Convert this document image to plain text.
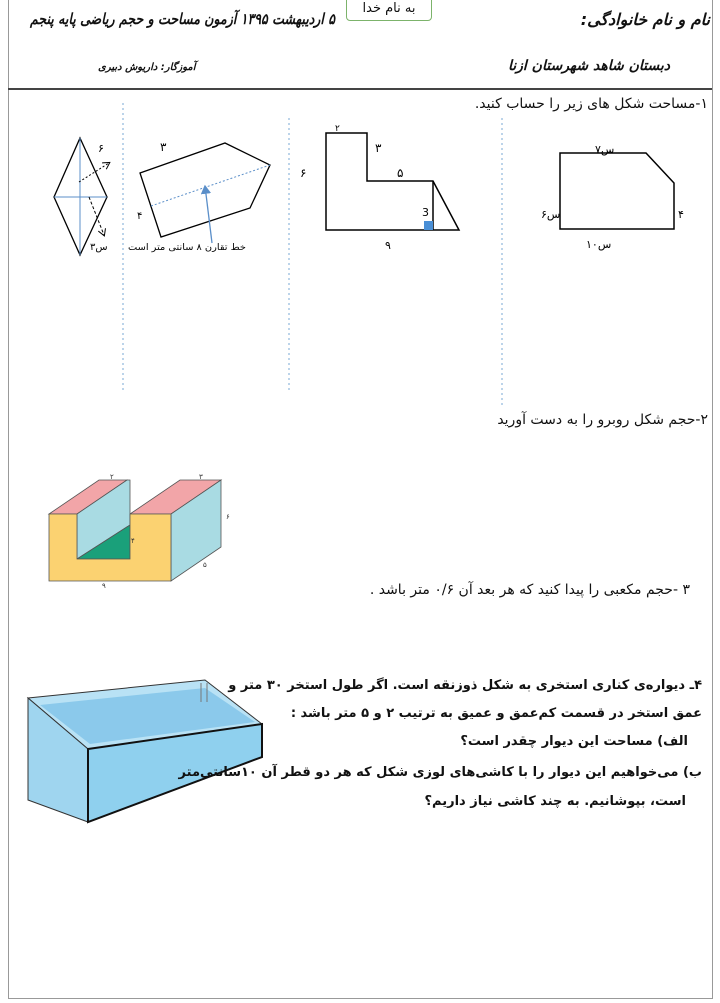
به نام خدا
نام و نام خانوادگی:
۵ اردیبهشت ۱۳۹۵ آزمون مساحت و حجم ریاضی پایه پنجم
دبستان شاهد شهرستان ازنا
آموزگار: داریوش دبیری
۱-مساحت شکل های زیر را حساب کنید.
۷س
۶س	۴
۱۰س
۲
۳
۵
۶
3
۹
۳
۴
خط تقارن ۸ سانتی متر است
۶
۳س
۲	۳
۶
۴
۵
۹
۲-حجم شکل روبرو را به دست آورید
۳ -حجم مکعبی را پیدا کنید که هر بعد آن ۰/۶ متر باشد .
۴ـ دیواره‌ی کناری استخری به شکل ذوزنقه است. اگر طول استخر ۳۰ متر و
عمق استخر در قسمت کم‌عمق و عمیق به ترتیب ۲ و ۵ متر باشد :
الف) مساحت این دیوار چقدر است؟
ب) می‌خواهیم این دیوار را با کاشی‌های لوزی شکل که هر دو قطر آن ۱۰سانتی‌متر
است، بپوشانیم. به چند کاشی نیاز داریم؟
